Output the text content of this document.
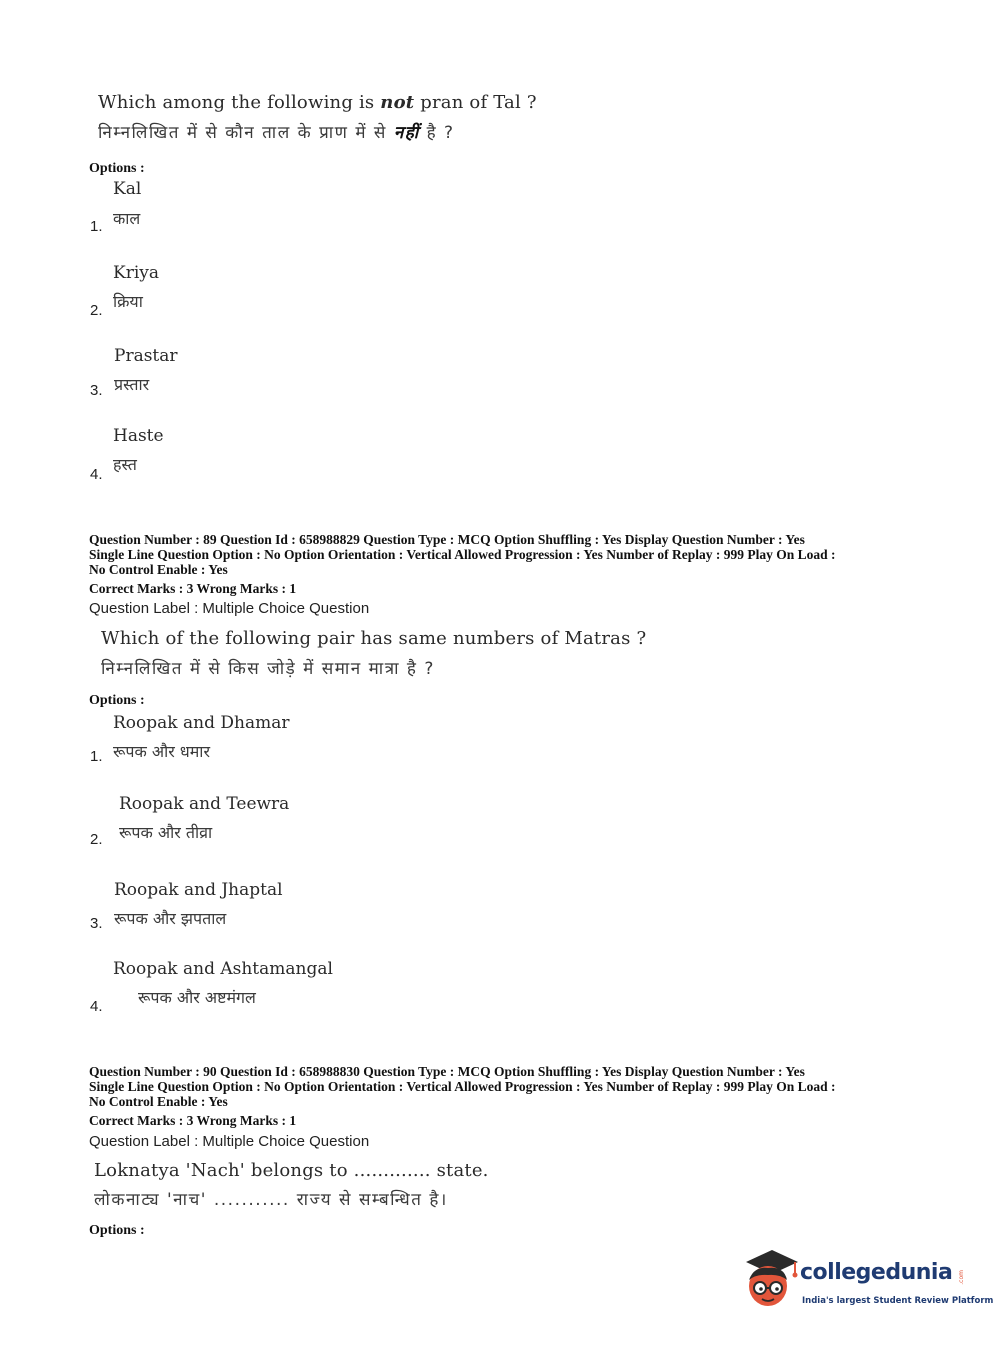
Which among the following is not pran of Tal ?
निम्नलिखित में से कौन ताल के प्राण में से नहीं है ?
Options :
Kal
काल
1.
Kriya
क्रिया
2.
Prastar
प्रस्तार
3.
Haste
हस्त
4.
Question Number : 89 Question Id : 658988829 Question Type : MCQ Option Shuffling : Yes Display Question Number : Yes
Single Line Question Option : No Option Orientation : Vertical Allowed Progression : Yes Number of Replay : 999 Play On Load :
No Control Enable : Yes
Correct Marks : 3 Wrong Marks : 1
Question Label : Multiple Choice Question
Which of the following pair has same numbers of Matras ?
निम्नलिखित में से किस जोड़े में समान मात्रा है ?
Options :
Roopak and Dhamar
रूपक और धमार
1.
Roopak and Teewra
रूपक और तीव्रा
2.
Roopak and Jhaptal
रूपक और झपताल
3.
Roopak and Ashtamangal
रूपक और अष्टमंगल
4.
Question Number : 90 Question Id : 658988830 Question Type : MCQ Option Shuffling : Yes Display Question Number : Yes
Single Line Question Option : No Option Orientation : Vertical Allowed Progression : Yes Number of Replay : 999 Play On Load :
No Control Enable : Yes
Correct Marks : 3 Wrong Marks : 1
Question Label : Multiple Choice Question
Loknatya 'Nach' belongs to ............. state.
लोकनाट्य 'नाच' ........... राज्य से सम्बन्धित है।
Options :
collegedunia .com
India's largest Student Review Platform
